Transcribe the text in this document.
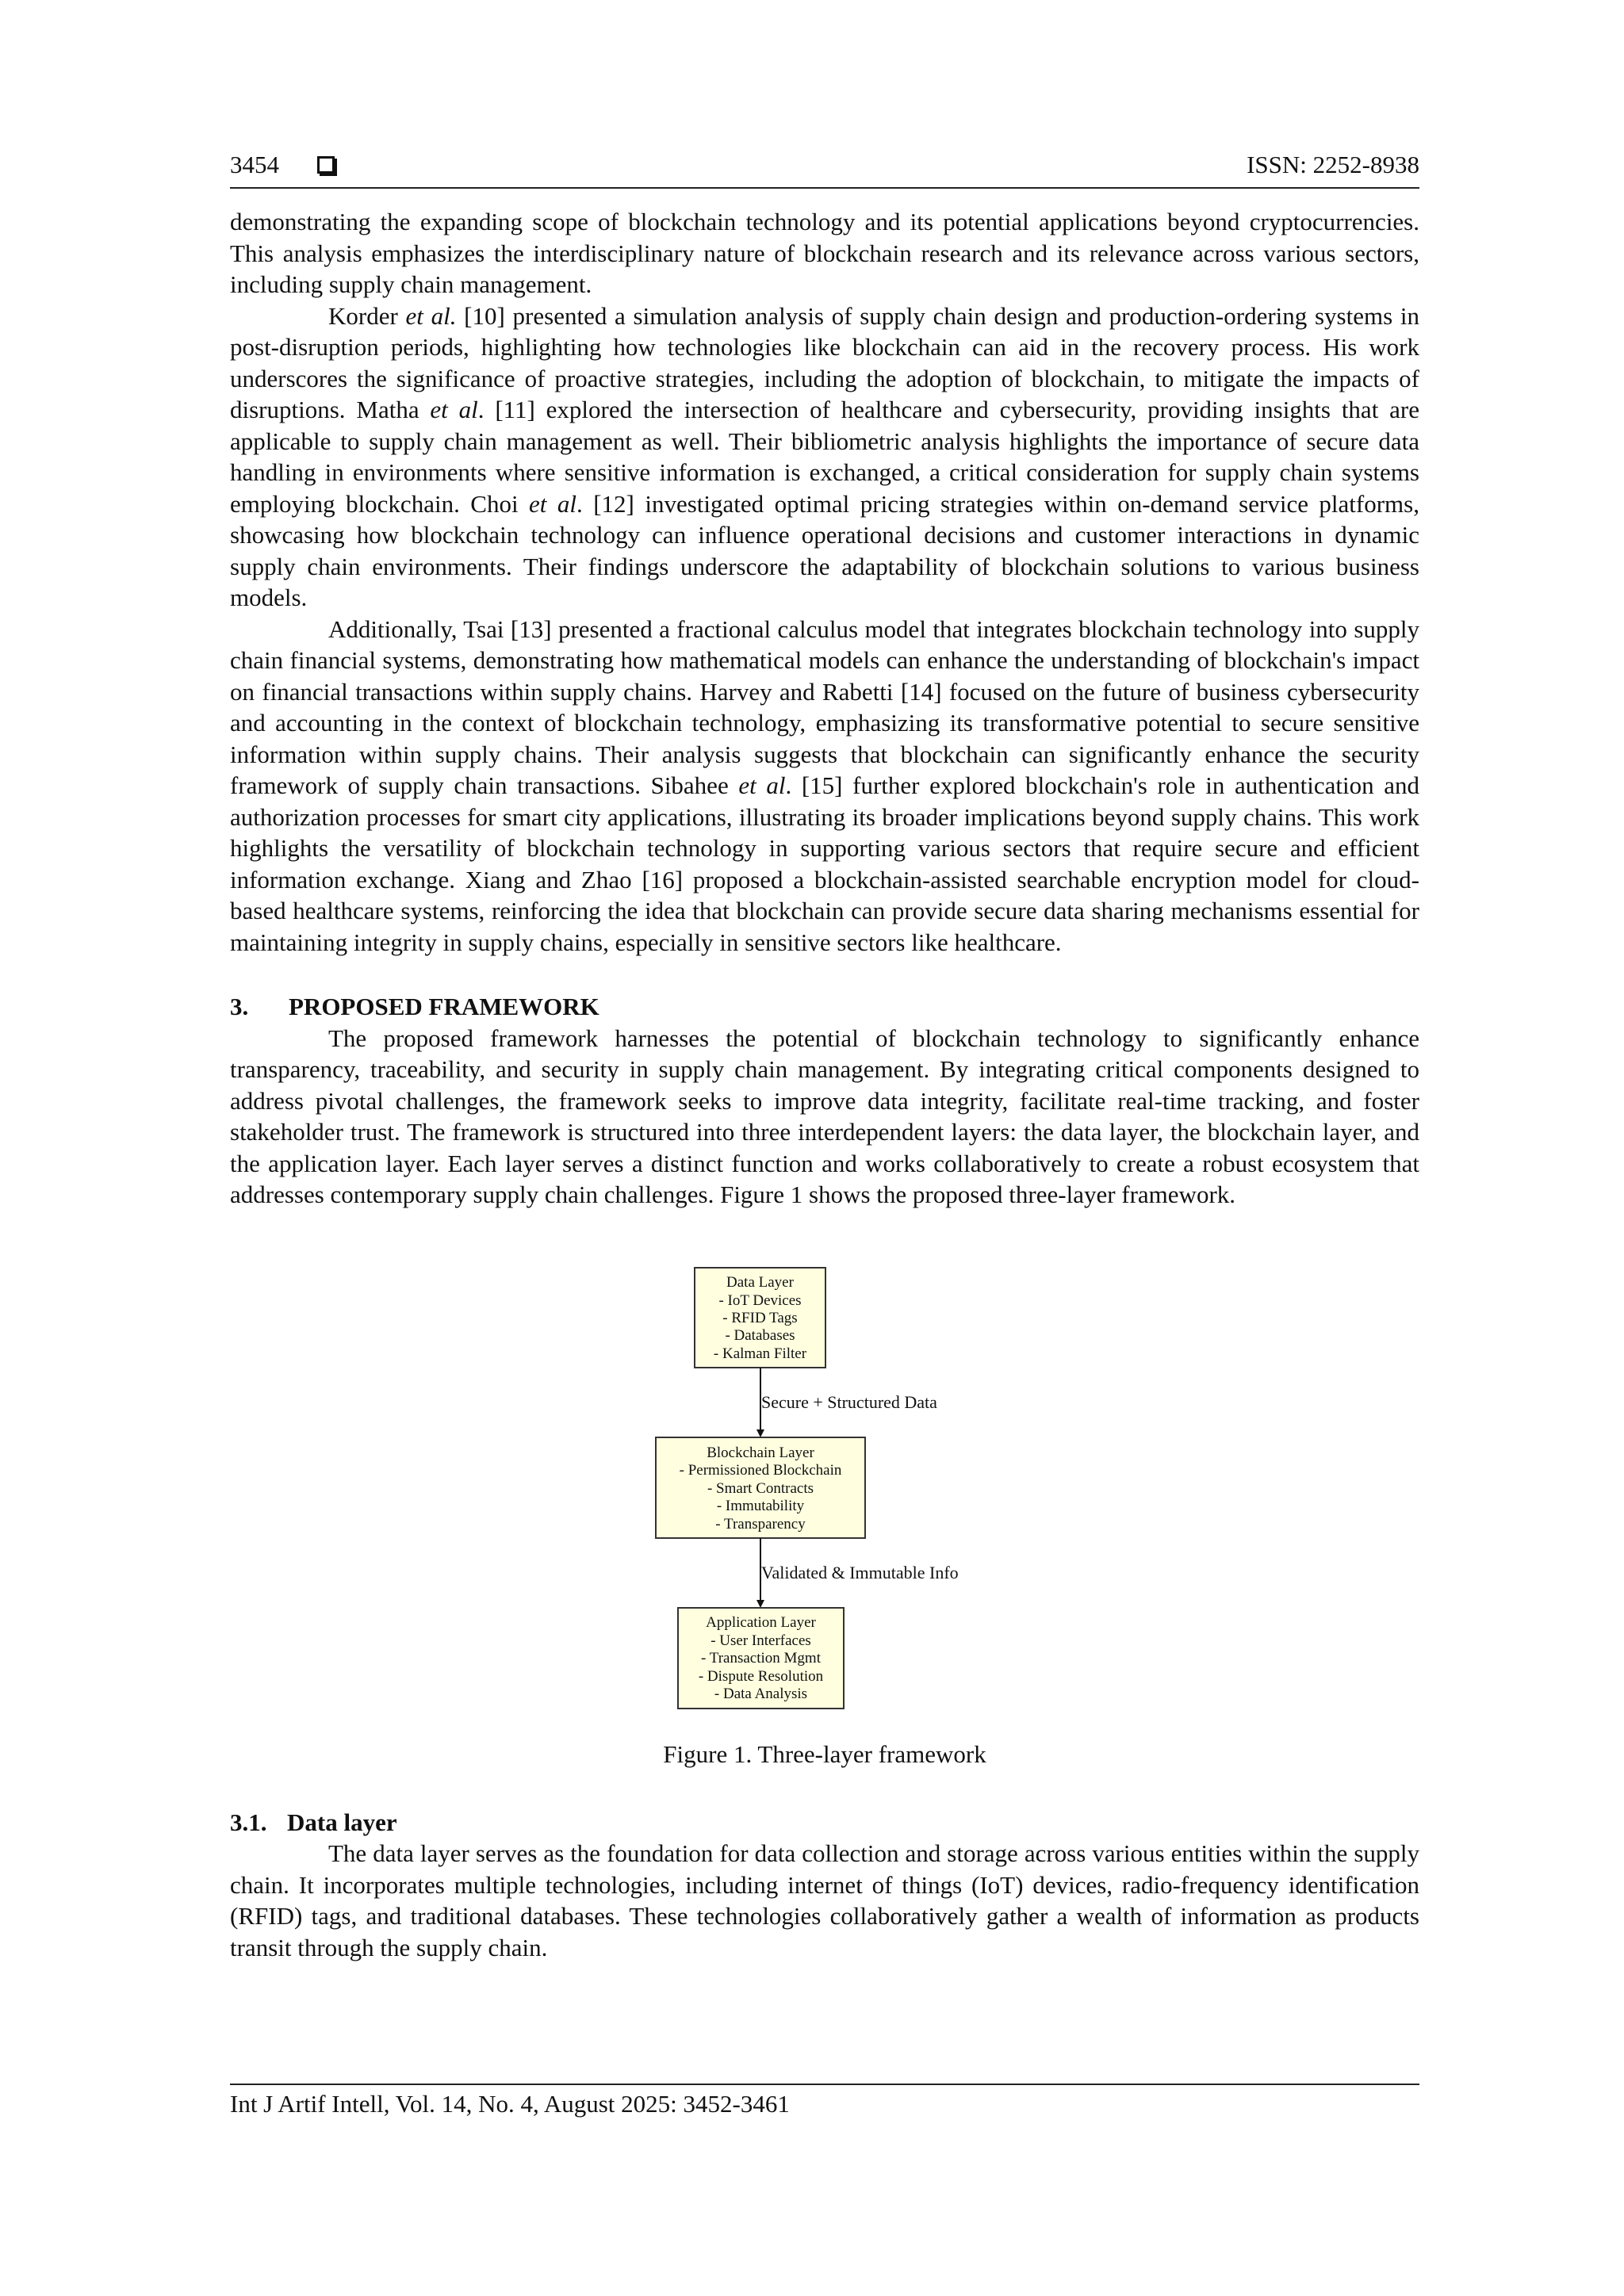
3454	ISSN: 2252-8938

demonstrating the expanding scope of blockchain technology and its potential applications beyond cryptocurrencies. This analysis emphasizes the interdisciplinary nature of blockchain research and its relevance across various sectors, including supply chain management.

Korder et al. [10] presented a simulation analysis of supply chain design and production-ordering systems in post-disruption periods, highlighting how technologies like blockchain can aid in the recovery process. His work underscores the significance of proactive strategies, including the adoption of blockchain, to mitigate the impacts of disruptions. Matha et al. [11] explored the intersection of healthcare and cybersecurity, providing insights that are applicable to supply chain management as well. Their bibliometric analysis highlights the importance of secure data handling in environments where sensitive information is exchanged, a critical consideration for supply chain systems employing blockchain. Choi et al. [12] investigated optimal pricing strategies within on-demand service platforms, showcasing how blockchain technology can influence operational decisions and customer interactions in dynamic supply chain environments. Their findings underscore the adaptability of blockchain solutions to various business models.

Additionally, Tsai [13] presented a fractional calculus model that integrates blockchain technology into supply chain financial systems, demonstrating how mathematical models can enhance the understanding of blockchain's impact on financial transactions within supply chains. Harvey and Rabetti [14] focused on the future of business cybersecurity and accounting in the context of blockchain technology, emphasizing its transformative potential to secure sensitive information within supply chains. Their analysis suggests that blockchain can significantly enhance the security framework of supply chain transactions. Sibahee et al. [15] further explored blockchain's role in authentication and authorization processes for smart city applications, illustrating its broader implications beyond supply chains. This work highlights the versatility of blockchain technology in supporting various sectors that require secure and efficient information exchange. Xiang and Zhao [16] proposed a blockchain-assisted searchable encryption model for cloud-based healthcare systems, reinforcing the idea that blockchain can provide secure data sharing mechanisms essential for maintaining integrity in supply chains, especially in sensitive sectors like healthcare.

3. PROPOSED FRAMEWORK

The proposed framework harnesses the potential of blockchain technology to significantly enhance transparency, traceability, and security in supply chain management. By integrating critical components designed to address pivotal challenges, the framework seeks to improve data integrity, facilitate real-time tracking, and foster stakeholder trust. The framework is structured into three interdependent layers: the data layer, the blockchain layer, and the application layer. Each layer serves a distinct function and works collaboratively to create a robust ecosystem that addresses contemporary supply chain challenges. Figure 1 shows the proposed three-layer framework.

Data Layer
- IoT Devices
- RFID Tags
- Databases
- Kalman Filter
Secure + Structured Data
Blockchain Layer
- Permissioned Blockchain
- Smart Contracts
- Immutability
- Transparency
Validated & Immutable Info
Application Layer
- User Interfaces
- Transaction Mgmt
- Dispute Resolution
- Data Analysis
Figure 1. Three-layer framework
3.1. Data layer

The data layer serves as the foundation for data collection and storage across various entities within the supply chain. It incorporates multiple technologies, including internet of things (IoT) devices, radio-frequency identification (RFID) tags, and traditional databases. These technologies collaboratively gather a wealth of information as products transit through the supply chain.

Int J Artif Intell, Vol. 14, No. 4, August 2025: 3452-3461
